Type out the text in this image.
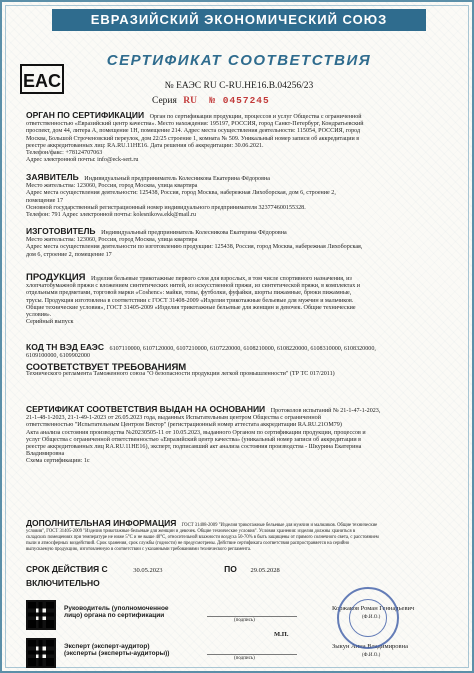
ЕВРАЗИЙСКИЙ ЭКОНОМИЧЕСКИЙ СОЮЗ
СЕРТИФИКАТ СООТВЕТСТВИЯ
EAC	№ ЕАЭС RU С-RU.НЕ16.В.04256/23
Серия RU № 0457245
ОРГАН ПО СЕРТИФИКАЦИИ Орган по сертификации продукции, процессов и услуг Общества с ограниченной
ответственностью «Евразийский центр качества». Место нахождения: 195197, РОССИЯ, город Санкт-Петербург, Кондратьевский
проспект, дом 44, литера А, помещение 1Н, помещение 214. Адрес места осуществления деятельности: 115054, РОССИЯ, город
Москва, Большой Строченовский переулок, дом 22/25 строение 1, комната № 509. Уникальный номер записи об аккредитации в
реестре аккредитованных лиц: RA.RU.11НЕ16. Дата решения об аккредитации: 30.06.2021.
Телефон/факс: +78124707063
Адрес электронной почты: info@eck-sert.ru
ЗАЯВИТЕЛЬ Индивидуальный предприниматель Колесникова Екатерина Фёдоровна
Место жительства: 123060, Россия, город Москва, улица квартира
Адрес места осуществления деятельности: 125438, Россия, город Москва, набережная Лихоборская, дом 6, строение 2,
помещение 17
Основной государственный регистрационный номер индивидуального предпринимателя 323774600155328.
Телефон: 791 Адрес электронной почты: kolesnikova.ekk@mail.ru
ИЗГОТОВИТЕЛЬ Индивидуальный предприниматель Колесникова Екатерина Фёдоровна
Место жительства: 123060, Россия, город Москва, улица квартира
Адрес места осуществления деятельности по изготовлению продукции: 125438, Россия, город Москва, набережная Лихоборская,
дом 6, строение 2, помещение 17
ПРОДУКЦИЯ Изделия бельевые трикотажные первого слоя для взрослых, в том числе спортивного назначения, из
хлопчатобумажной пряжи с вложением синтетических нитей, из искусственной пряжи, из синтетической пряжи, в комплектах и
отдельными предметами, торговой марки «Coshenс»: майки, топы, футболки, фуфайки, шорты пижамные, брюки пижамные,
трусы. Продукция изготовлена в соответствии с ГОСТ 31408-2009 «Изделия трикотажные бельевые для мужчин и мальчиков.
Общие технические условия», ГОСТ 31405-2009 «Изделия трикотажные бельевые для женщин и девочек. Общие технические
условия».
Серийный выпуск
КОД ТН ВЭД ЕАЭС 6107110000, 6107120000, 6107210000, 6107220000, 6108210000, 6108220000, 6108310000, 6108320000,
6109100000, 6109902000
СООТВЕТСТВУЕТ ТРЕБОВАНИЯМ
Технического регламента Таможенного союза "О безопасности продукции легкой промышленности" (ТР ТС 017/2011)
СЕРТИФИКАТ СООТВЕТСТВИЯ ВЫДАН НА ОСНОВАНИИ Протоколов испытаний № 21-1-47-1-2023,
21-1-48-1-2023, 21-1-49-1-2023 от 26.05.2023 года, выданных Испытательным центром Общества с ограниченной
ответственностью "Испытательным Центром Вектор" (регистрационный номер аттестата аккредитации RA.RU.21ОМ79)
Акта анализа состояния производства №20230505-11 от 10.05.2023, выданного Органом по сертификации продукции, процессов и
услуг Общества с ограниченной ответственностью «Евразийский центр качества» (уникальный номер записи об аккредитации в
реестре аккредитованных лиц RA.RU.11НЕ16), эксперт, подписавший акт анализа состояния производства - Шкурина Екатерина
Владимировна
Схема сертификации: 1с
ДОПОЛНИТЕЛЬНАЯ ИНФОРМАЦИЯ ГОСТ 31408-2009 "Изделия трикотажные бельевые для мужчин и мальчиков. Общие технические
условия", ГОСТ 31405-2009 "Изделия трикотажные бельевые для женщин и девочек. Общие технические условия". Условия хранения: изделия должны храниться в
складских помещениях при температуре не ниже 5°С и не выше 40°С, относительной влажности воздуха 50-70% в быть защищены от прямого солнечного света, с расстоянием
пыли и атмосферных воздействий. Срок хранения, срок службы (годности) не предусмотрены. Действие сертификата соответствия распространяется на серийно
выпускаемую продукцию, изготовленную в соответствии с указанными требованиями технического регламента.
СРОК ДЕЙСТВИЯ С	30.05.2023	ПО 29.05.2028
ВКЛЮЧИТЕЛЬНО
Руководитель (уполномоченное
лицо) органа по сертификации
(подпись)
Коржаков Роман Геннадьевич
(Ф.И.О.)
М.П.
Эксперт (эксперт-аудитор)
(эксперты (эксперты-аудиторы))
(подпись)
Зыкун Анна Владимировна
(Ф.И.О.)
